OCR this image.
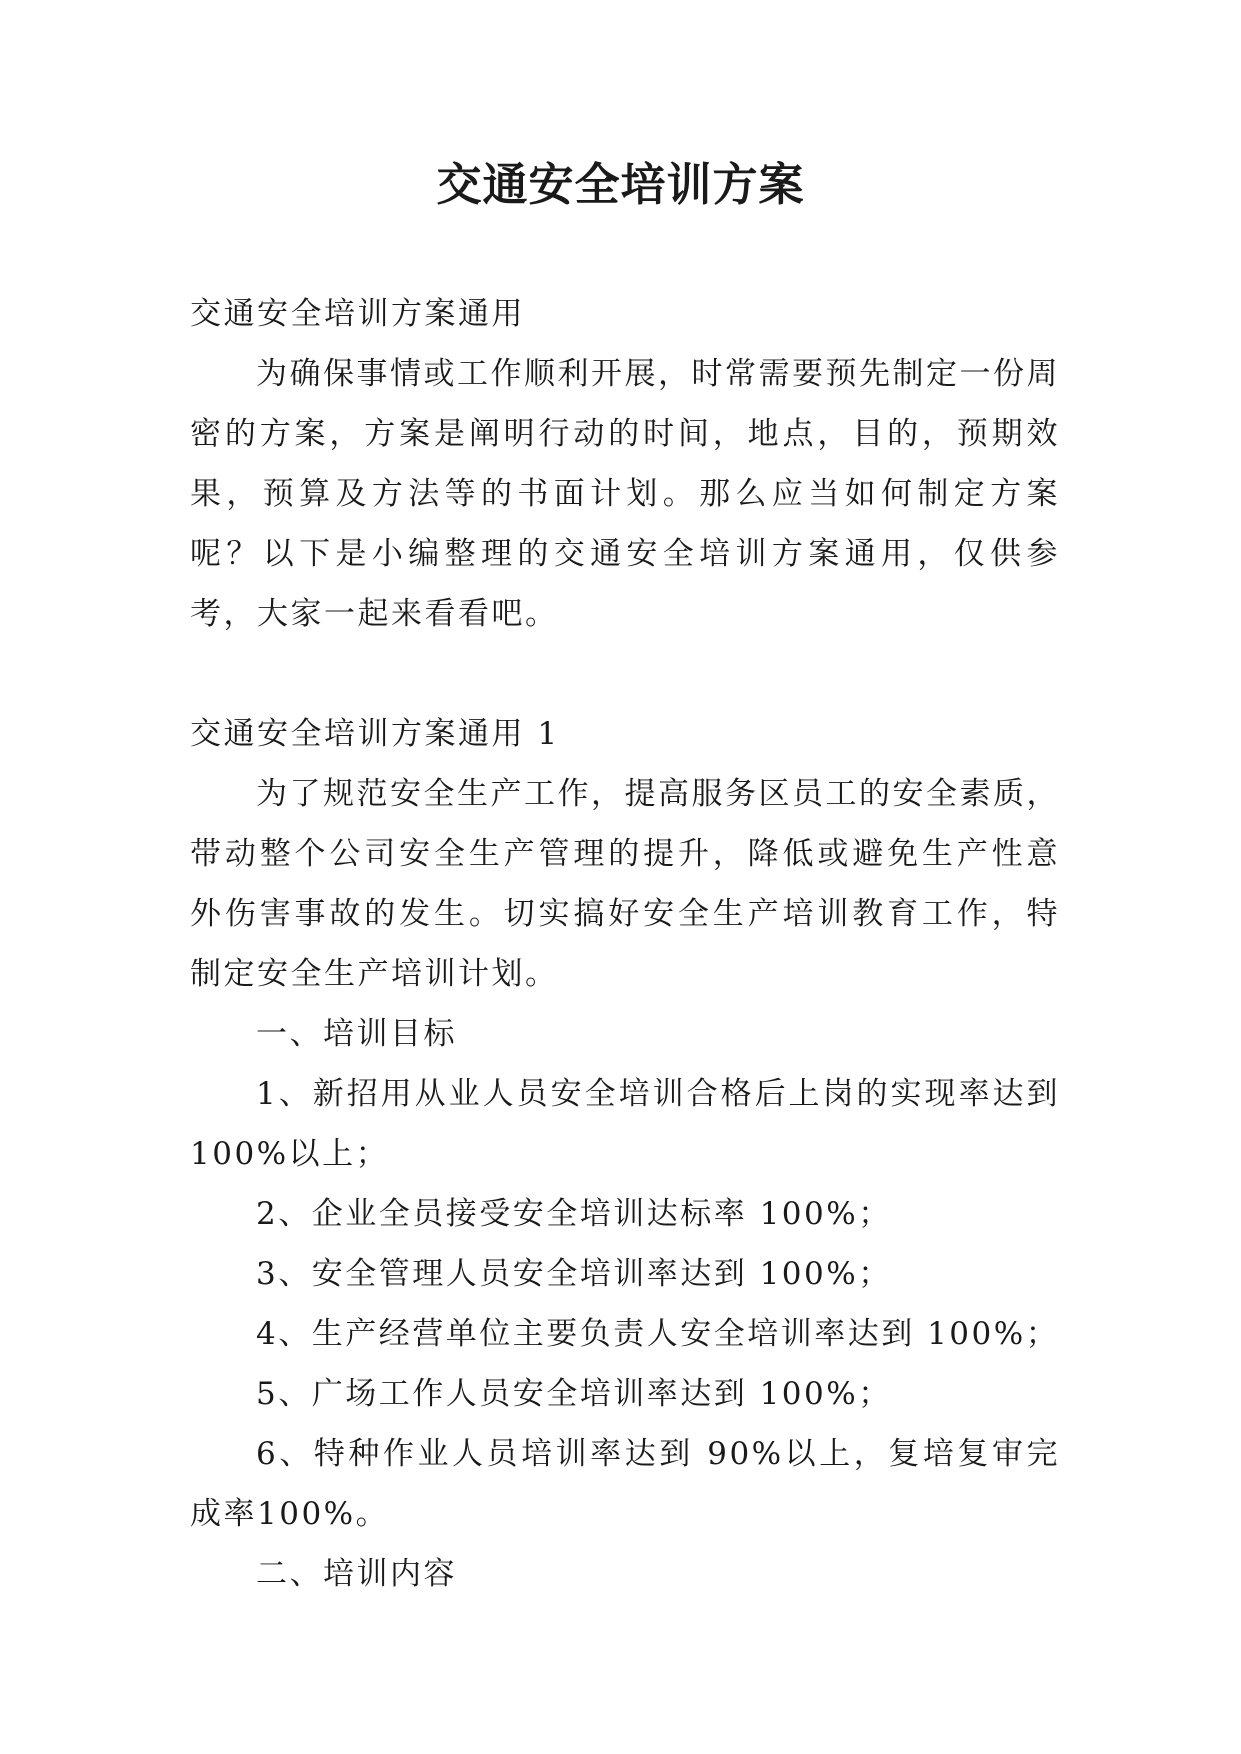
交通安全培训方案

交通安全培训方案通用

为确保事情或工作顺利开展，时常需要预先制定一份周密的方案，方案是阐明行动的时间，地点，目的，预期效果，预算及方法等的书面计划。那么应当如何制定方案呢？以下是小编整理的交通安全培训方案通用，仅供参考，大家一起来看看吧。

交通安全培训方案通用 1

为了规范安全生产工作，提高服务区员工的安全素质，带动整个公司安全生产管理的提升，降低或避免生产性意外伤害事故的发生。切实搞好安全生产培训教育工作，特制定安全生产培训计划。

一、培训目标

1、新招用从业人员安全培训合格后上岗的实现率达到100%以上；

2、企业全员接受安全培训达标率 100%；

3、安全管理人员安全培训率达到 100%；

4、生产经营单位主要负责人安全培训率达到 100%；

5、广场工作人员安全培训率达到 100%；

6、特种作业人员培训率达到 90%以上，复培复审完成率100%。

二、培训内容
